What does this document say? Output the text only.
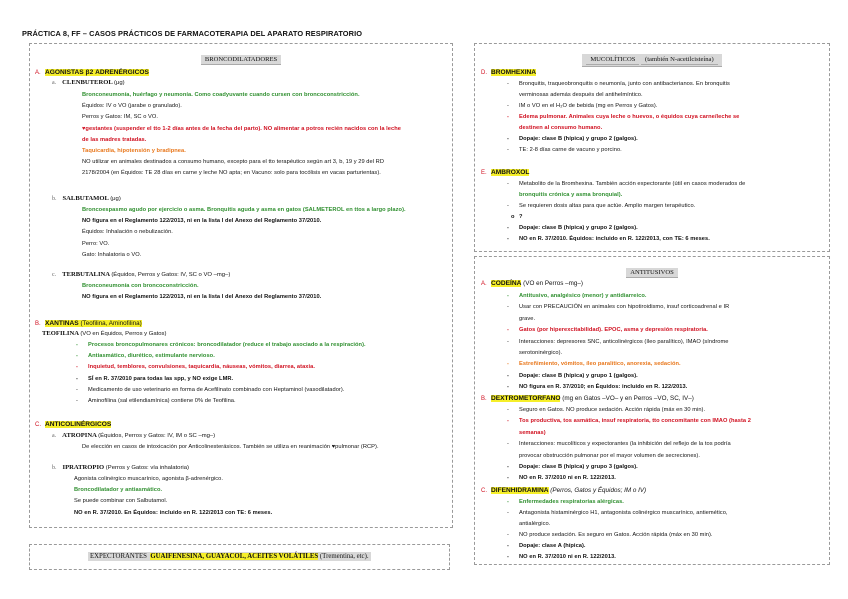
PRÁCTICA 8, FF – CASOS PRÁCTICOS DE FARMACOTERAPIA DEL APARATO RESPIRATORIO
BRONCODILATADORES
A. AGONISTAS β2 ADRENÉRGICOS
a. CLENBUTEROL (μg)
b. SALBUTAMOL (μg)
c. TERBUTALINA (Équidos, Perros y Gatos: IV, SC o VO –mg–)
B. XANTINAS (Teofilina, Aminofilina)
TEOFILINA (VO en Équidos, Perros y Gatos)
C. ANTICOLINÉRGICOS
a. ATROPINA (Équidos, Perros y Gatos: IV, IM o SC –mg–)
b. IPRATROPIO (Perros y Gatos: vía inhalatoria)
Bronconeumonía, huérfago y neumonía. Como coadyuvante cuando cursen con broncoconstricción.
Équidos: IV o VO (jarabe o granulado).
Perros y Gatos: IM, SC o VO.
♥gestantes (suspender el tto 1-2 días antes de la fecha del parto). NO alimentar a potros recién nacidos con la leche
de las madres tratadas.
Taquicardia, hipotensión y bradipnea.
NO utilizar en animales destinados a consumo humano, excepto para el tto terapéutico según art 3, b, 19 y 29 del RD
2178/2004 (en Équidos: TE 28 días en carne y leche NO apta; en Vacuno: solo para tocólisis en vacas parturientas).
Broncoespasmo agudo por ejercicio o asma. Bronquitis aguda y asma en gatos (SALMETEROL en ttos a largo plazo).
NO figura en el Reglamento 122/2013, ni en la lista I del Anexo del Reglamento 37/2010.
Équidos: Inhalación o nebulización.
Perro: VO.
Gato: Inhalatoria o VO.
Bronconeumonía con broncoconstricción.
NO figura en el Reglamento 122/2013, ni en la lista I del Anexo del Reglamento 37/2010.
- Procesos broncopulmonares crónicos: broncodilatador (reduce el trabajo asociado a la respiración).
- Antiasmático, diurético, estimulante nervioso.
- Inquietud, temblores, convulsiones, taquicardia, náuseas, vómitos, diarrea, ataxia.
- SÍ en R. 37/2010 para todas las spp, y NO exige LMR.
- Medicamento de uso veterinario en forma de Acefilinato combinado con Heptaminol (vasodilatador).
- Aminofilina (sal etilendiamínica) contiene 0% de Teofilina.
De elección en casos de intoxicación por Anticolinesterásicos. También se utiliza en reanimación ♥pulmonar (RCP).
Agonista colinérgico muscarínico, agonista β-adrenérgico.
Broncodilatador y antiasmático.
Se puede combinar con Salbutamol.
NO en R. 37/2010. En Équidos: incluido en R. 122/2013 con TE: 6 meses.
EXPECTORANTES GUAIFENESINA, GUAYACOL, ACEITES VOLÁTILES (Trementina, etc).
MUCOLÍTICOS (también N-acetilcisteína)
D. BROMHEXINA
E. AMBROXOL
- Bronquitis, traqueobronquitis o neumonía, junto con antibacterianos. En bronquitis
verminosas además después del antihelmíntico.
- IM o VO en el H₂O de bebida (mg en Perros y Gatos).
- Edema pulmonar. Animales cuya leche o huevos, o équidos cuya carne/leche se
destinen al consumo humano.
- Dopaje: clase B (hípica) y grupo 2 (galgos).
- TE: 2-8 días carne de vacuno y porcino.
- Metabolito de la Bromhexina. También acción expectorante (útil en casos moderados de
bronquitis crónica y asma bronquial).
- Se requieren dosis altas para que actúe. Amplio margen terapéutico.
o ?
- Dopaje: clase B (hípica) y grupo 2 (galgos).
- NO en R. 37/2010. Équidos: incluido en R. 122/2013, con TE: 6 meses.
ANTITUSIVOS
A. CODEÍNA (VO en Perros –mg–)
B. DEXTROMETORFANO (mg en Gatos –VO– y en Perros –VO, SC, IV–)
C. DIFENHIDRAMINA (Perros, Gatos y Équidos; IM o IV)
- Antitusivo, analgésico (menor) y antidiarreico.
- Usar con PRECAUCIÓN en animales con hipotiroidismo, insuf corticoadrenal e IR
grave.
- Gatos (por hiperexcitabilidad). EPOC, asma y depresión respiratoria.
- Interacciones: depresores SNC, anticolinérgicos (íleo paralítico), IMAO (síndrome
serotoninérgico).
- Estreñimiento, vómitos, íleo paralítico, anorexia, sedación.
- Dopaje: clase B (hípica) y grupo 1 (galgos).
- NO figura en R. 37/2010; en Équidos: incluido en R. 122/2013.
- Seguro en Gatos. NO produce sedación. Acción rápida (máx en 30 min).
- Tos productiva, tos asmática, insuf respiratoria, tto concomitante con IMAO (hasta 2
semanas)
- Interacciones: mucolíticos y expectorantes (la inhibición del reflejo de la tos podría
provocar obstrucción pulmonar por el mayor volumen de secreciones).
- Dopaje: clase B (hípica) y grupo 3 (galgos).
- NO en R. 37/2010 ni en R. 122/2013.
- Enfermedades respiratorias alérgicas.
- Antagonista histaminérgico H1, antagonista colinérgico muscarínico, antiemético,
antialérgico.
- NO produce sedación. Es seguro en Gatos. Acción rápida (máx en 30 min).
- Dopaje: clase A (hípica).
- NO en R. 37/2010 ni en R. 122/2013.
